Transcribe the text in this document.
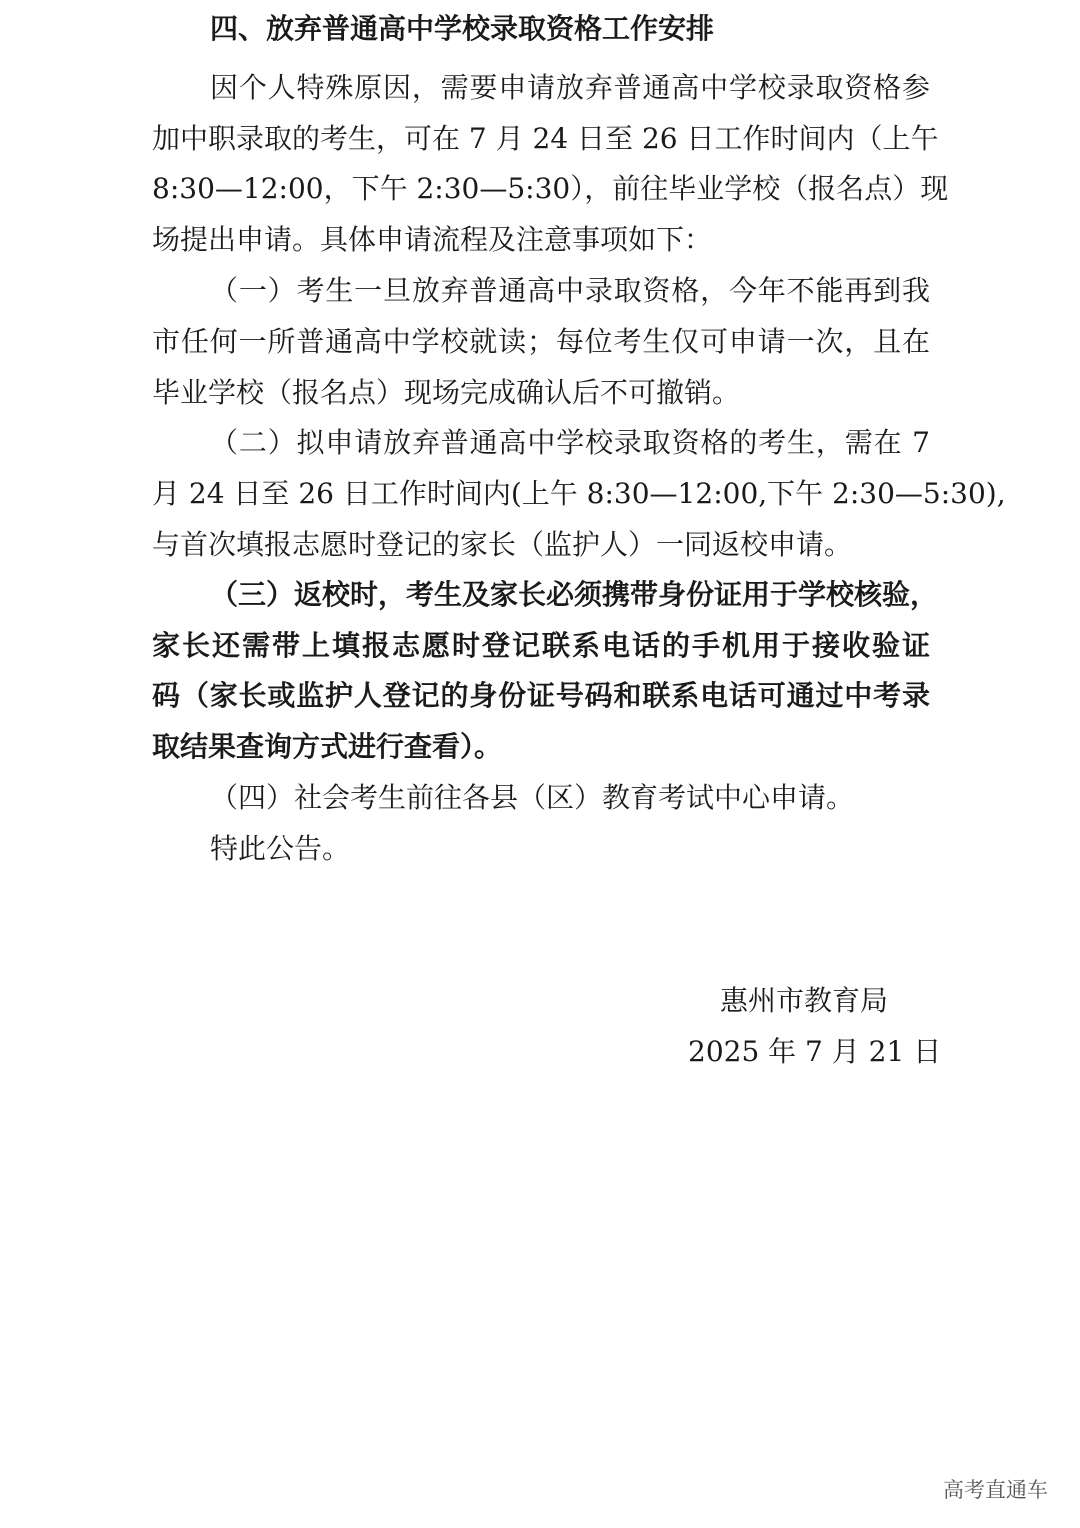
四、放弃普通高中学校录取资格工作安排
因个人特殊原因，需要申请放弃普通高中学校录取资格参
加中职录取的考生，可在 7 月 24 日至 26 日工作时间内（上午
8:30—12:00，下午 2:30—5:30），前往毕业学校（报名点）现
场提出申请。具体申请流程及注意事项如下：
（一）考生一旦放弃普通高中录取资格，今年不能再到我
市任何一所普通高中学校就读；每位考生仅可申请一次，且在
毕业学校（报名点）现场完成确认后不可撤销。
（二）拟申请放弃普通高中学校录取资格的考生，需在 7
月 24 日至 26 日工作时间内(上午 8:30—12:00,下午 2:30—5:30),
与首次填报志愿时登记的家长（监护人）一同返校申请。
（三）返校时，考生及家长必须携带身份证用于学校核验，
家长还需带上填报志愿时登记联系电话的手机用于接收验证
码（家长或监护人登记的身份证号码和联系电话可通过中考录
取结果查询方式进行查看）。
（四）社会考生前往各县（区）教育考试中心申请。
特此公告。
惠州市教育局
2025 年 7 月 21 日
高考直通车
